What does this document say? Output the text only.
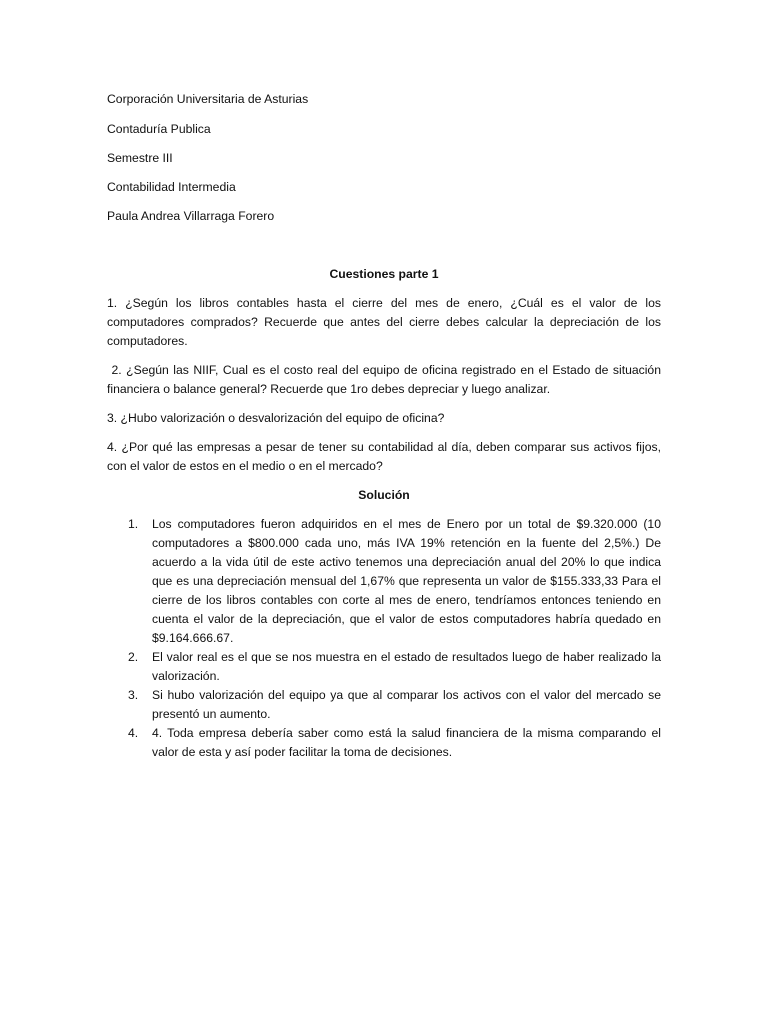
Corporación Universitaria de Asturias

Contaduría Publica

Semestre III

Contabilidad Intermedia

Paula Andrea Villarraga Forero

Cuestiones parte 1

1. ¿Según los libros contables hasta el cierre del mes de enero, ¿Cuál es el valor de los computadores comprados? Recuerde que antes del cierre debes calcular la depreciación de los computadores.

2. ¿Según las NIIF, Cual es el costo real del equipo de oficina registrado en el Estado de situación financiera o balance general? Recuerde que 1ro debes depreciar y luego analizar.

3. ¿Hubo valorización o desvalorización del equipo de oficina?

4. ¿Por qué las empresas a pesar de tener su contabilidad al día, deben comparar sus activos fijos, con el valor de estos en el medio o en el mercado?

Solución

1.	Los computadores fueron adquiridos en el mes de Enero por un total de $9.320.000 (10 computadores a $800.000 cada uno, más IVA 19% retención en la fuente del 2,5%.) De acuerdo a la vida útil de este activo tenemos una depreciación anual del 20% lo que indica que es una depreciación mensual del 1,67% que representa un valor de $155.333,33 Para el cierre de los libros contables con corte al mes de enero, tendríamos entonces teniendo en cuenta el valor de la depreciación, que el valor de estos computadores habría quedado en $9.164.666.67.
2.	El valor real es el que se nos muestra en el estado de resultados luego de haber realizado la valorización.
3.	Si hubo valorización del equipo ya que al comparar los activos con el valor del mercado se presentó un aumento.
4.	4. Toda empresa debería saber como está la salud financiera de la misma comparando el valor de esta y así poder facilitar la toma de decisiones.
